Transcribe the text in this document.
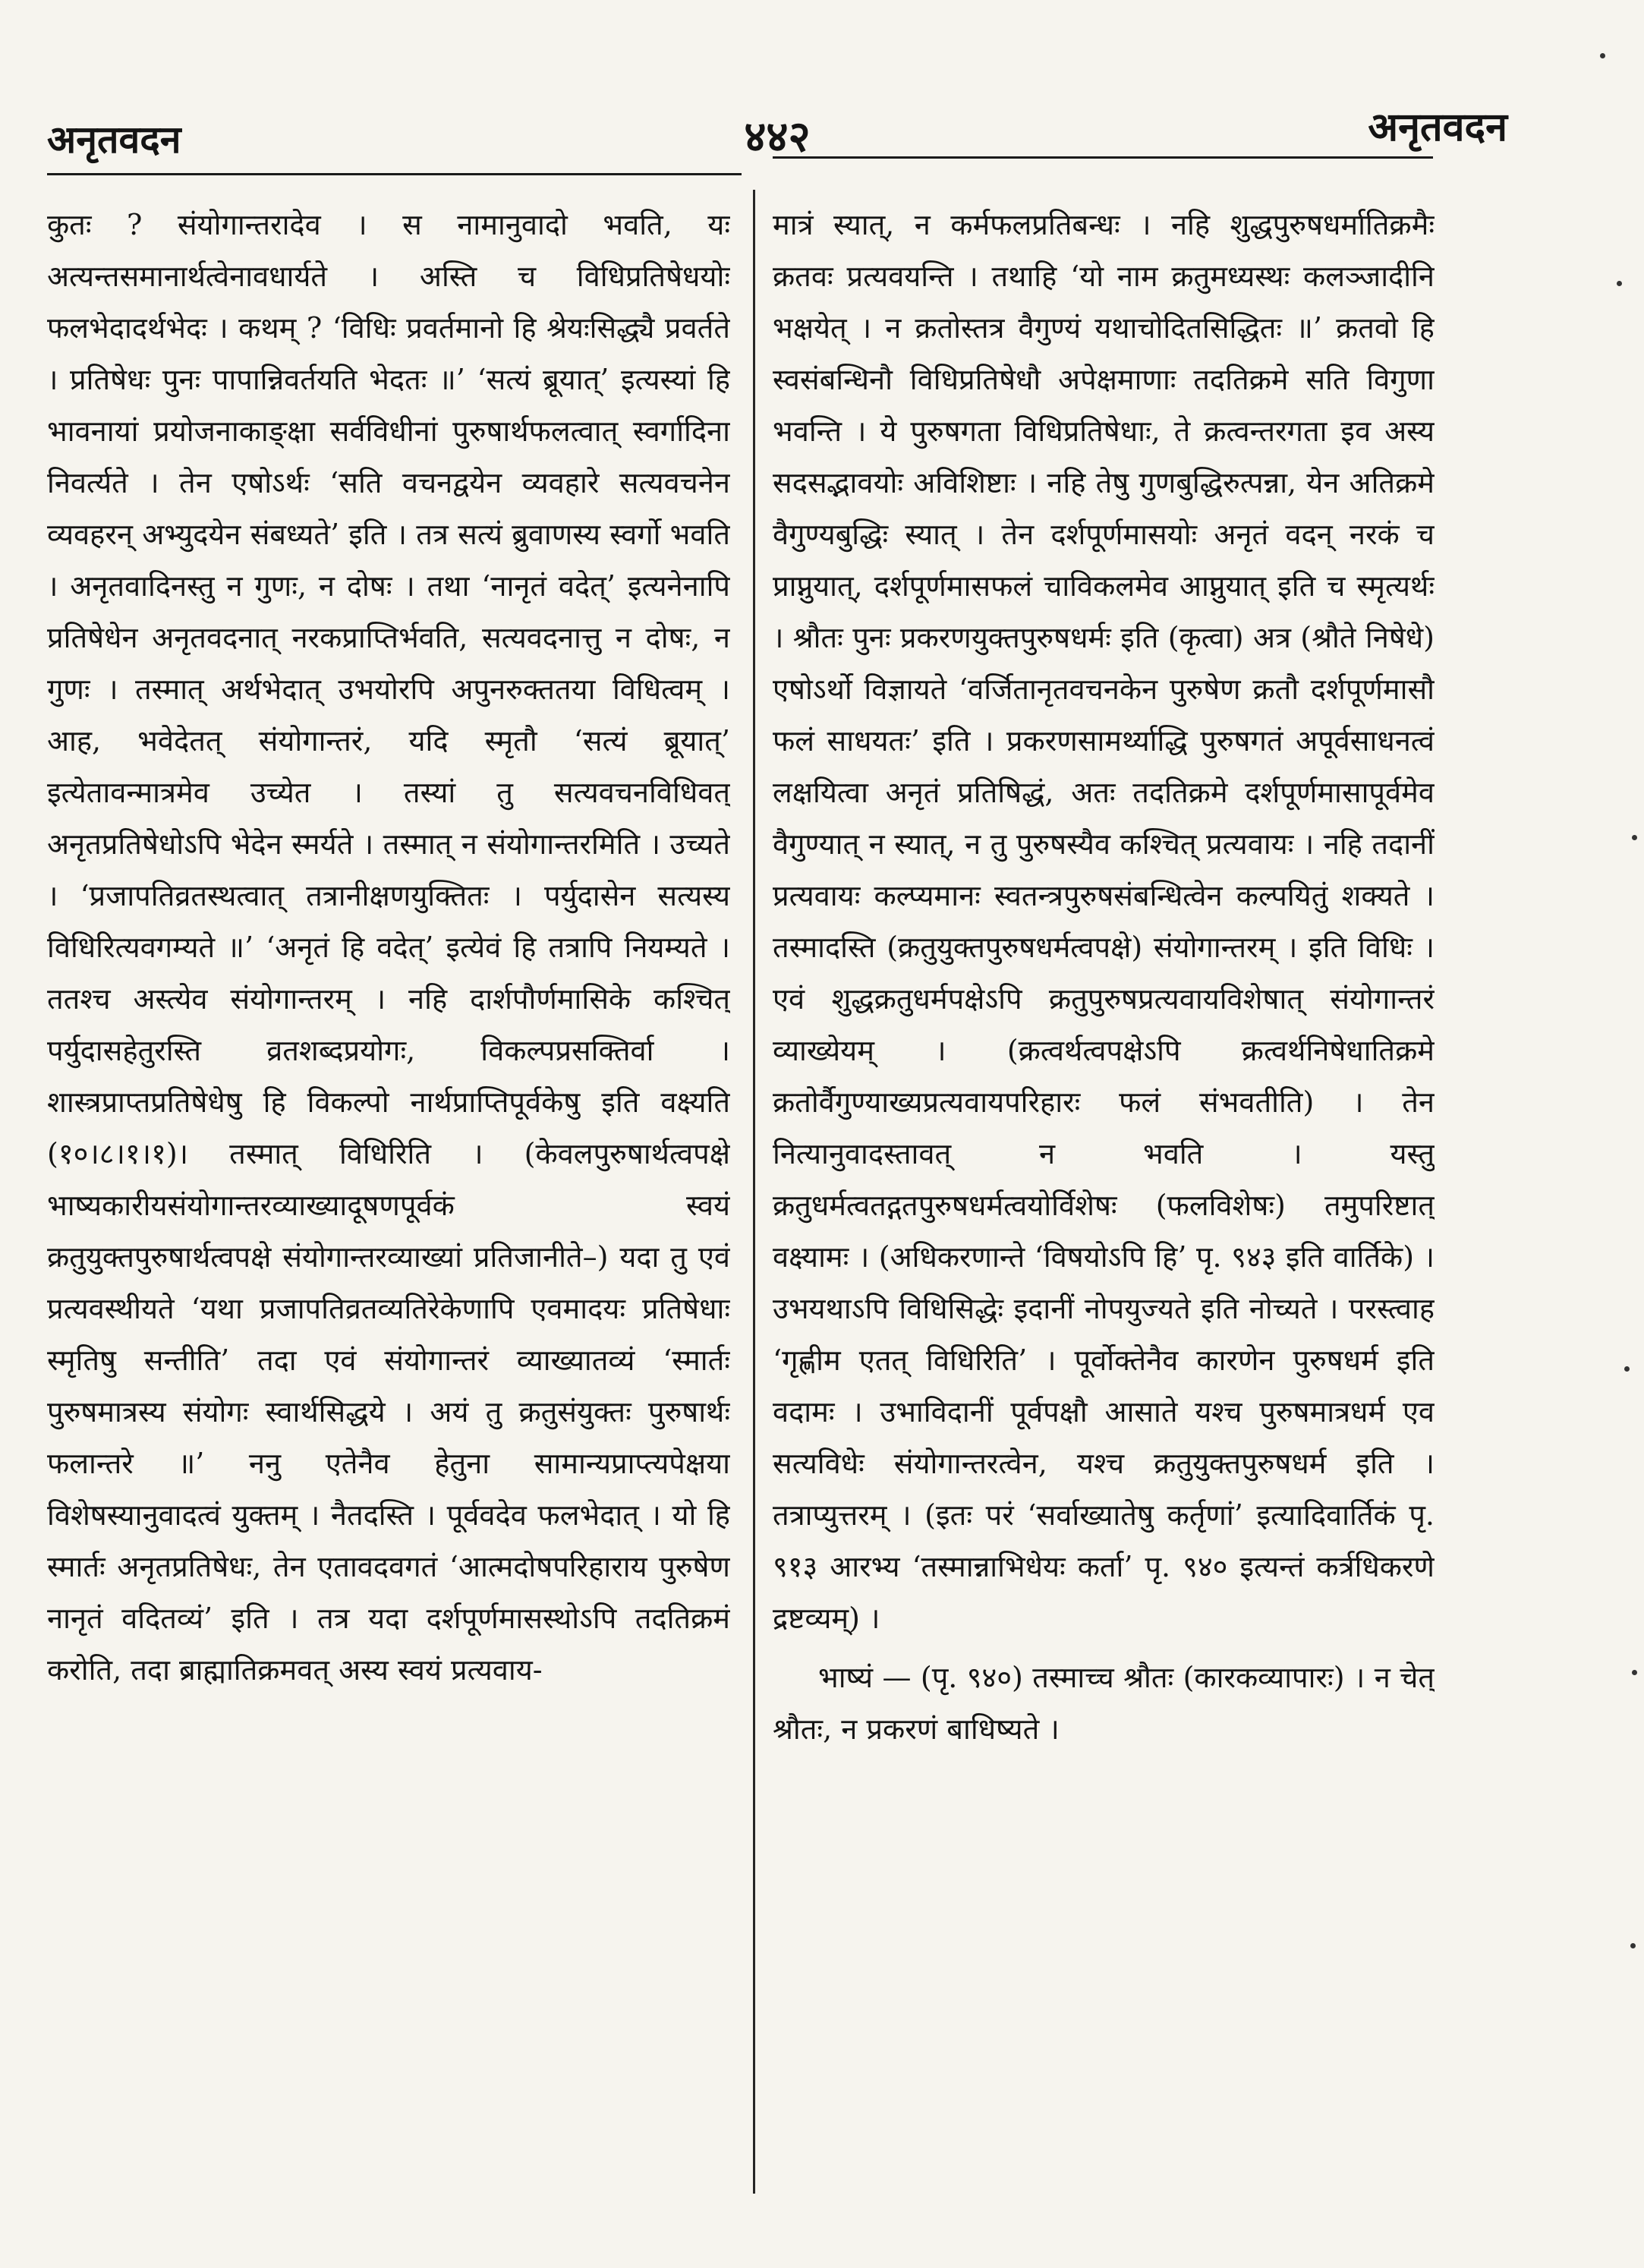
अनृतवदन	४४२	अनृतवदन

कुतः ? संयोगान्तरादेव । स नामानुवादो भवति, यः अत्यन्तसमानार्थत्वेनावधार्यते । अस्ति च विधिप्रतिषेधयोः फलभेदादर्थभेदः । कथम् ? ‘विधिः प्रवर्तमानो हि श्रेयःसिद्ध्यै प्रवर्तते । प्रतिषेधः पुनः पापान्निवर्तयति भेदतः ॥’ ‘सत्यं ब्रूयात्’ इत्यस्यां हि भावनायां प्रयोजनाकाङ्क्षा सर्वविधीनां पुरुषार्थफलत्वात् स्वर्गादिना निवर्त्यते । तेन एषोऽर्थः ‘सति वचनद्वयेन व्यवहारे सत्यवचनेन व्यवहरन् अभ्युदयेन संबध्यते’ इति । तत्र सत्यं ब्रुवाणस्य स्वर्गो भवति । अनृतवादिनस्तु न गुणः, न दोषः । तथा ‘नानृतं वदेत्’ इत्यनेनापि प्रतिषेधेन अनृतवदनात् नरकप्राप्तिर्भवति, सत्यवदनात्तु न दोषः, न गुणः । तस्मात् अर्थभेदात् उभयोरपि अपुनरुक्ततया विधित्वम् । आह, भवेदेतत् संयोगान्तरं, यदि स्मृतौ ‘सत्यं ब्रूयात्’ इत्येतावन्मात्रमेव उच्येत । तस्यां तु सत्यवचनविधिवत् अनृतप्रतिषेधोऽपि भेदेन स्मर्यते । तस्मात् न संयोगान्तरमिति । उच्यते । ‘प्रजापतिव्रतस्थत्वात् तत्रानीक्षणयुक्तितः । पर्युदासेन सत्यस्य विधिरित्यवगम्यते ॥’ ‘अनृतं हि वदेत्’ इत्येवं हि तत्रापि नियम्यते । ततश्च अस्त्येव संयोगान्तरम् । नहि दार्शपौर्णमासिके कश्चित् पर्युदासहेतुरस्ति व्रतशब्दप्रयोगः, विकल्पप्रसक्तिर्वा । शास्त्रप्राप्तप्रतिषेधेषु हि विकल्पो नार्थप्राप्तिपूर्वकेषु इति वक्ष्यति (१०।८।१।१)। तस्मात् विधिरिति । (केवलपुरुषार्थत्वपक्षे भाष्यकारीयसंयोगान्तरव्याख्यादूषणपूर्वकं स्वयं क्रतुयुक्तपुरुषार्थत्वपक्षे संयोगान्तरव्याख्यां प्रतिजानीते–) यदा तु एवं प्रत्यवस्थीयते ‘यथा प्रजापतिव्रतव्यतिरेकेणापि एवमादयः प्रतिषेधाः स्मृतिषु सन्तीति’ तदा एवं संयोगान्तरं व्याख्यातव्यं ‘स्मार्तः पुरुषमात्रस्य संयोगः स्वार्थसिद्धये । अयं तु क्रतुसंयुक्तः पुरुषार्थः फलान्तरे ॥’ ननु एतेनैव हेतुना सामान्यप्राप्त्यपेक्षया विशेषस्यानुवादत्वं युक्तम् । नैतदस्ति । पूर्ववदेव फलभेदात् । यो हि स्मार्तः अनृतप्रतिषेधः, तेन एतावदवगतं ‘आत्मदोषपरिहाराय पुरुषेण नानृतं वदितव्यं’ इति । तत्र यदा दर्शपूर्णमासस्थोऽपि तदतिक्रमं करोति, तदा ब्राह्मातिक्रमवत् अस्य स्वयं प्रत्यवाय-

मात्रं स्यात्, न कर्मफलप्रतिबन्धः । नहि शुद्धपुरुषधर्मातिक्रमैः क्रतवः प्रत्यवयन्ति । तथाहि ‘यो नाम क्रतुमध्यस्थः कलञ्जादीनि भक्षयेत् । न क्रतोस्तत्र वैगुण्यं यथाचोदितसिद्धितः ॥’ क्रतवो हि स्वसंबन्धिनौ विधिप्रतिषेधौ अपेक्षमाणाः तदतिक्रमे सति विगुणा भवन्ति । ये पुरुषगता विधिप्रतिषेधाः, ते क्रत्वन्तरगता इव अस्य सदसद्भावयोः अविशिष्टाः । नहि तेषु गुणबुद्धिरुत्पन्ना, येन अतिक्रमे वैगुण्यबुद्धिः स्यात् । तेन दर्शपूर्णमासयोः अनृतं वदन् नरकं च प्राप्नुयात्, दर्शपूर्णमासफलं चाविकलमेव आप्नुयात् इति च स्मृत्यर्थः । श्रौतः पुनः प्रकरणयुक्तपुरुषधर्मः इति (कृत्वा) अत्र (श्रौते निषेधे) एषोऽर्थो विज्ञायते ‘वर्जितानृतवचनकेन पुरुषेण क्रतौ दर्शपूर्णमासौ फलं साधयतः’ इति । प्रकरणसामर्थ्याद्धि पुरुषगतं अपूर्वसाधनत्वं लक्षयित्वा अनृतं प्रतिषिद्धं, अतः तदतिक्रमे दर्शपूर्णमासापूर्वमेव वैगुण्यात् न स्यात्, न तु पुरुषस्यैव कश्चित् प्रत्यवायः । नहि तदानीं प्रत्यवायः कल्प्यमानः स्वतन्त्रपुरुषसंबन्धित्वेन कल्पयितुं शक्यते । तस्मादस्ति (क्रतुयुक्तपुरुषधर्मत्वपक्षे) संयोगान्तरम् । इति विधिः । एवं शुद्धक्रतुधर्मपक्षेऽपि क्रतुपुरुषप्रत्यवायविशेषात् संयोगान्तरं व्याख्येयम् । (क्रत्वर्थत्वपक्षेऽपि क्रत्वर्थनिषेधातिक्रमे क्रतोर्वैगुण्याख्यप्रत्यवायपरिहारः फलं संभवतीति) । तेन नित्यानुवादस्तावत् न भवति । यस्तु क्रतुधर्मत्वतद्गतपुरुषधर्मत्वयोर्विशेषः (फलविशेषः) तमुपरिष्टात् वक्ष्यामः । (अधिकरणान्ते ‘विषयोऽपि हि’ पृ. ९४३ इति वार्तिके) । उभयथाऽपि विधिसिद्धेः इदानीं नोपयुज्यते इति नोच्यते । परस्त्वाह ‘गृह्णीम एतत् विधिरिति’ । पूर्वोक्तेनैव कारणेन पुरुषधर्म इति वदामः । उभाविदानीं पूर्वपक्षौ आसाते यश्च पुरुषमात्रधर्म एव सत्यविधेः संयोगान्तरत्वेन, यश्च क्रतुयुक्तपुरुषधर्म इति । तत्राप्युत्तरम् । (इतः परं ‘सर्वाख्यातेषु कर्तृणां’ इत्यादिवार्तिकं पृ. ९१३ आरभ्य ‘तस्मान्नाभिधेयः कर्ता’ पृ. ९४० इत्यन्तं कर्त्रधिकरणे द्रष्टव्यम्) ।

भाष्यं — (पृ. ९४०) तस्माच्च श्रौतः (कारकव्यापारः) । न चेत् श्रौतः, न प्रकरणं बाधिष्यते ।
